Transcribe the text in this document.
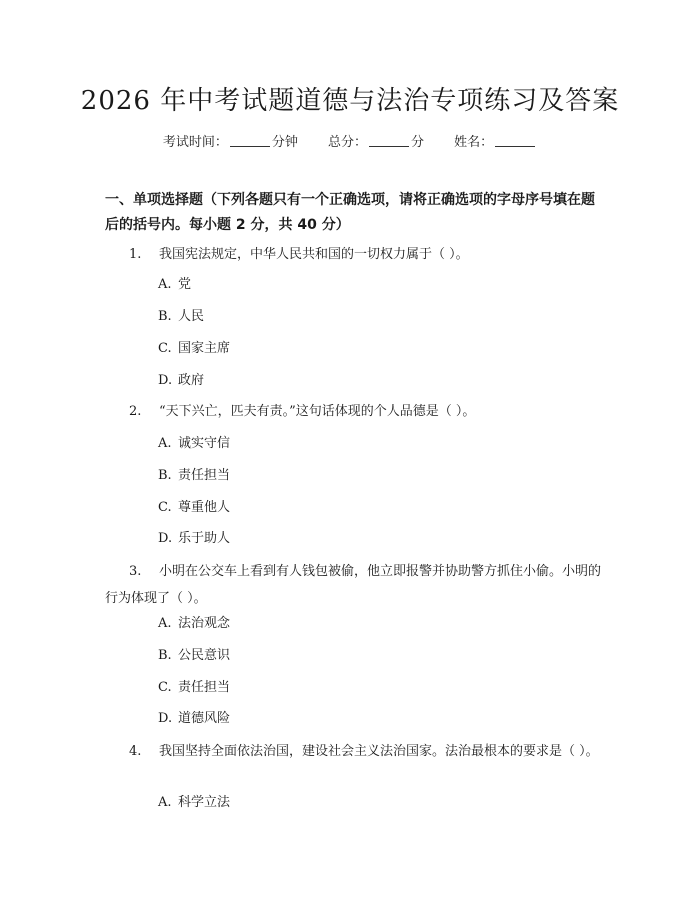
2026 年中考试题道德与法治专项练习及答案
考试时间：	分钟 总分：	分 姓名：
一、单项选择题（下列各题只有一个正确选项，请将正确选项的字母序号填在题后的括号内。每小题 2 分，共 40 分）
1. 我国宪法规定，中华人民共和国的一切权力属于（ ）。
A. 党
B. 人民
C. 国家主席
D. 政府
2. “天下兴亡，匹夫有责。”这句话体现的个人品德是（ ）。
A. 诚实守信
B. 责任担当
C. 尊重他人
D. 乐于助人
3. 小明在公交车上看到有人钱包被偷，他立即报警并协助警方抓住小偷。小明的行为体现了（ ）。
A. 法治观念
B. 公民意识
C. 责任担当
D. 道德风险
4. 我国坚持全面依法治国，建设社会主义法治国家。法治最根本的要求是（ ）。
A. 科学立法
